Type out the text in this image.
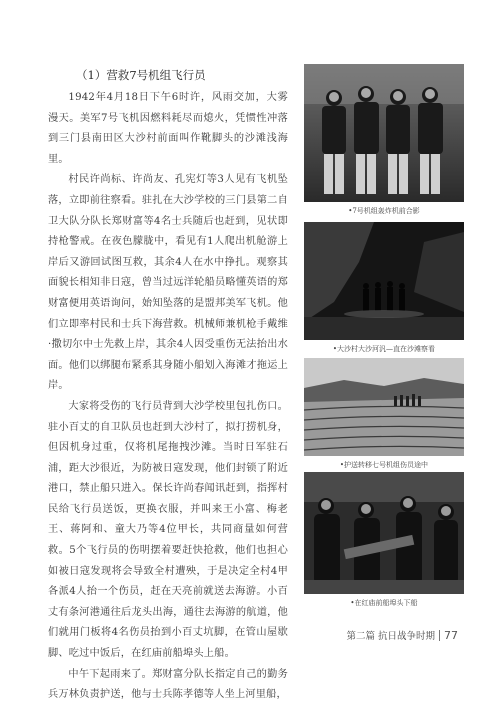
（1）营救7号机组飞行员

1942年4月18日下午6时许，风雨交加，大雾漫天。美军7号飞机因燃料耗尽而熄火，凭惯性冲落到三门县南田区大沙村前面叫作靴脚头的沙滩浅海里。

村民许尚标、许尚友、孔宪灯等3人见有飞机坠落，立即前往察看。驻扎在大沙学校的三门县第二自卫大队分队长郑财富等4名士兵随后也赶到，见状即持枪警戒。在夜色朦胧中，看见有1人爬出机舱游上岸后又游回试图互救，其余4人在水中挣扎。观察其面貌长相知非日寇，曾当过远洋轮船员略懂英语的郑财富便用英语询问，始知坠落的是盟邦美军飞机。他们立即率村民和士兵下海营救。机械师兼机枪手戴维·撒切尔中士先救上岸，其余4人因受重伤无法抬出水面。他们以绑腿布紧系其身随小船划入海滩才拖运上岸。

大家将受伤的飞行员背到大沙学校里包扎伤口。驻小百丈的自卫队员也赶到大沙村了，拟打捞机身，但因机身过重，仅将机尾拖拽沙滩。当时日军驻石浦，距大沙很近，为防被日寇发现，他们封锁了附近港口，禁止船只进入。保长许尚春闻讯赶到，指挥村民给飞行员送饭，更换衣服，并叫来王小富、梅老王、蒋阿和、童大乃等4位甲长，共同商量如何营救。5个飞行员的伤明摆着要赶快抢救，他们也担心如被日寇发现将会导致全村遭殃，于是决定全村4甲各派4人抬一个伤员，赶在天亮前就送去海游。小百丈有条河港通往后龙头出海，通往去海游的航道，他们就用门板将4名伤员抬到小百丈坑脚，在管山屋歇脚、吃过中饭后，在红庙前船埠头上船。

中午下起雨来了。郑财富分队长指定自己的勤务兵万林负责护送，他与士兵陈孝德等人坐上河里船，

•7号机组轰炸机前合影
•大沙村大沙河汎—直在沙滩察看
•护送转移七号机组伤员途中
•在红庙前船埠头下船
第二篇 抗日战争时期 77
